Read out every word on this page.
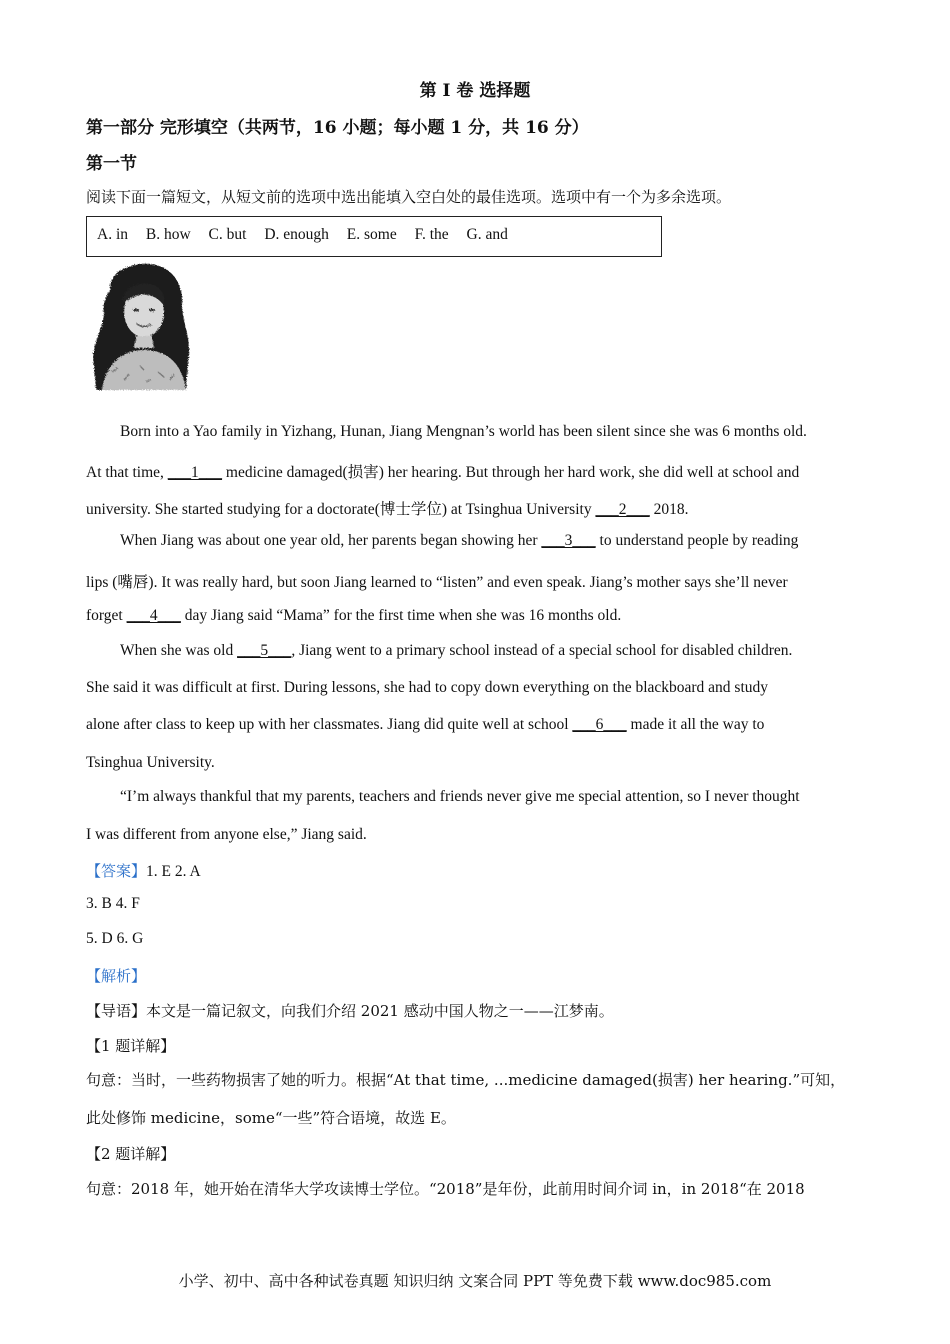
第 I 卷 选择题
第一部分 完形填空（共两节，16 小题；每小题 1 分，共 16 分）
第一节
阅读下面一篇短文，从短文前的选项中选出能填入空白处的最佳选项。选项中有一个为多余选项。
A. in B. how C. but D. enough E. some F. the G. and
Born into a Yao family in Yizhang, Hunan, Jiang Mengnan’s world has been silent since she was 6 months old.
At that time, ___1___ medicine damaged(损害) her hearing. But through her hard work, she did well at school and
university. She started studying for a doctorate(博士学位) at Tsinghua University ___2___ 2018.
When Jiang was about one year old, her parents began showing her ___3___ to understand people by reading
lips (嘴唇). It was really hard, but soon Jiang learned to “listen” and even speak. Jiang’s mother says she’ll never
forget ___4___ day Jiang said “Mama” for the first time when she was 16 months old.
When she was old ___5___, Jiang went to a primary school instead of a special school for disabled children.
She said it was difficult at first. During lessons, she had to copy down everything on the blackboard and study
alone after class to keep up with her classmates. Jiang did quite well at school ___6___ made it all the way to
Tsinghua University.
“I’m always thankful that my parents, teachers and friends never give me special attention, so I never thought
I was different from anyone else,” Jiang said.
【答案】1. E 2. A
3. B 4. F
5. D 6. G
【解析】
【导语】本文是一篇记叙文，向我们介绍 2021 感动中国人物之一——江梦南。
【1 题详解】
句意：当时，一些药物损害了她的听力。根据“At that time, ...medicine damaged(损害) her hearing.”可知，
此处修饰 medicine，some“一些”符合语境，故选 E。
【2 题详解】
句意：2018 年，她开始在清华大学攻读博士学位。“2018”是年份，此前用时间介词 in，in 2018“在 2018
小学、初中、高中各种试卷真题 知识归纳 文案合同 PPT 等免费下载 www.doc985.com
